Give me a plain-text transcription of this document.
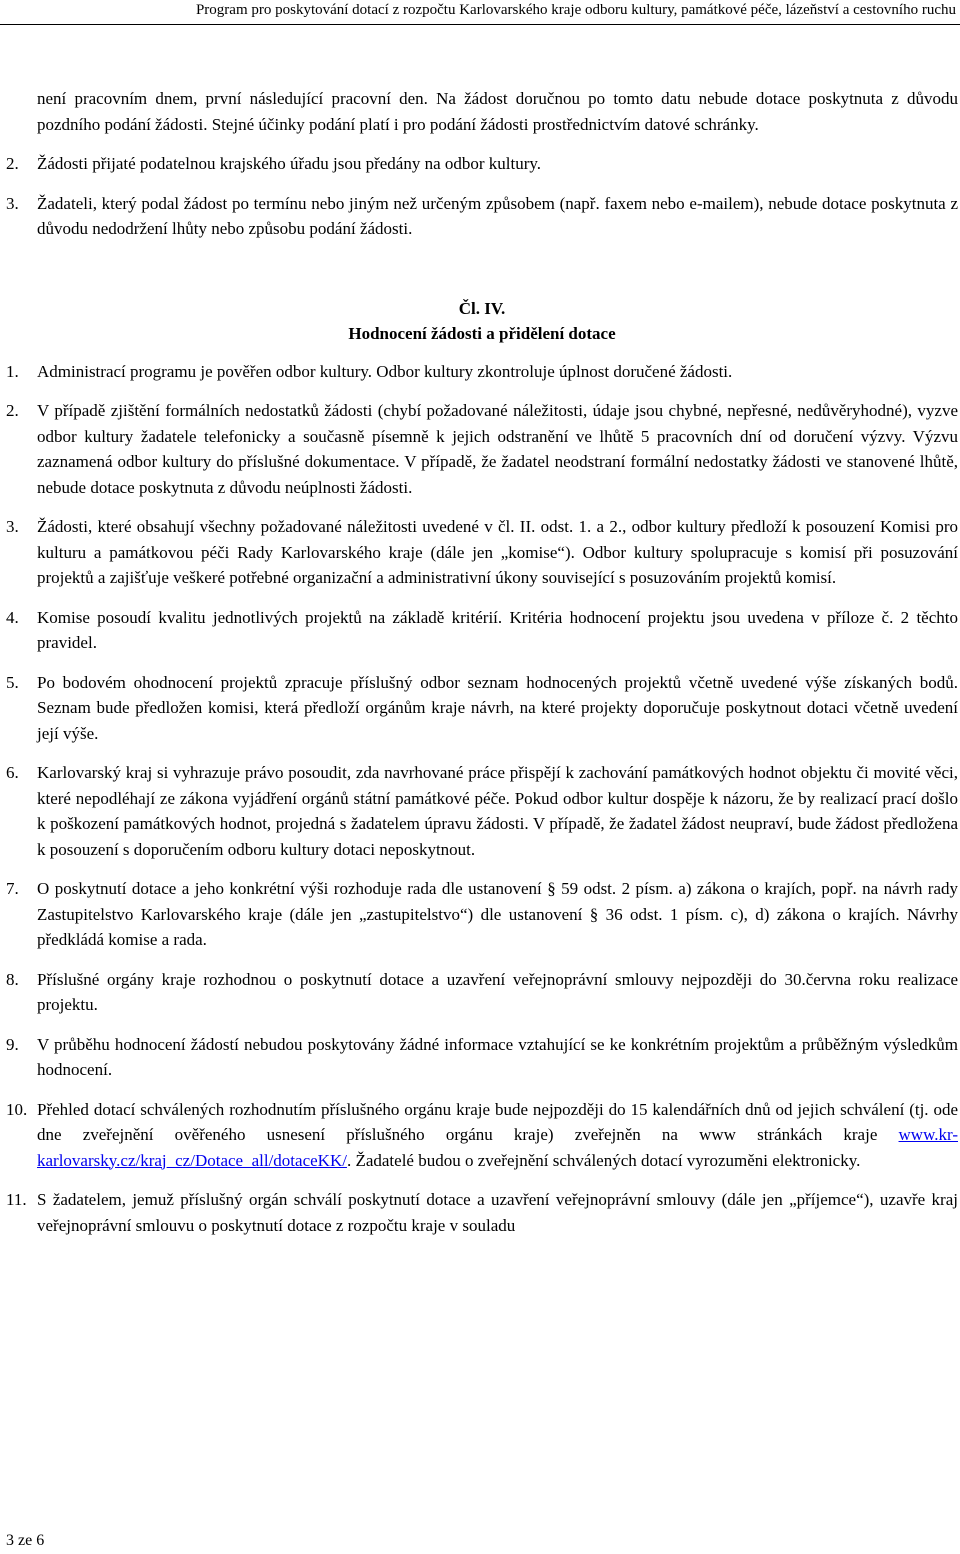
Program pro poskytování dotací z rozpočtu Karlovarského kraje odboru kultury, památkové péče, lázeňství a cestovního ruchu

není pracovním dnem, první následující pracovní den. Na žádost doručnou po tomto datu nebude dotace poskytnuta z důvodu pozdního podání žádosti. Stejné účinky podání platí i pro podání žádosti prostřednictvím datové schránky.

2.	Žádosti přijaté podatelnou krajského úřadu jsou předány na odbor kultury.
3.	Žadateli, který podal žádost po termínu nebo jiným než určeným způsobem (např. faxem nebo e-mailem), nebude dotace poskytnuta z důvodu nedodržení lhůty nebo způsobu podání žádosti.

Čl. IV.

Hodnocení žádosti a přidělení dotace

1.	Administrací programu je pověřen odbor kultury. Odbor kultury zkontroluje úplnost doručené žádosti.
2.	V případě zjištění formálních nedostatků žádosti (chybí požadované náležitosti, údaje jsou chybné, nepřesné, nedůvěryhodné), vyzve odbor kultury žadatele telefonicky a současně písemně k jejich odstranění ve lhůtě 5 pracovních dní od doručení výzvy. Výzvu zaznamená odbor kultury do příslušné dokumentace. V případě, že žadatel neodstraní formální nedostatky žádosti ve stanovené lhůtě, nebude dotace poskytnuta z důvodu neúplnosti žádosti.
3.	Žádosti, které obsahují všechny požadované náležitosti uvedené v čl. II. odst. 1. a 2., odbor kultury předloží k posouzení Komisi pro kulturu a památkovou péči Rady Karlovarského kraje (dále jen „komise“). Odbor kultury spolupracuje s komisí při posuzování projektů a zajišťuje veškeré potřebné organizační a administrativní úkony související s posuzováním projektů komisí.
4.	Komise posoudí kvalitu jednotlivých projektů na základě kritérií. Kritéria hodnocení projektu jsou uvedena v příloze č. 2 těchto pravidel.
5.	Po bodovém ohodnocení projektů zpracuje příslušný odbor seznam hodnocených projektů včetně uvedené výše získaných bodů. Seznam bude předložen komisi, která předloží orgánům kraje návrh, na které projekty doporučuje poskytnout dotaci včetně uvedení její výše.
6.	Karlovarský kraj si vyhrazuje právo posoudit, zda navrhované práce přispějí k zachování památkových hodnot objektu či movité věci, které nepodléhají ze zákona vyjádření orgánů státní památkové péče. Pokud odbor kultur dospěje k názoru, že by realizací prací došlo k poškození památkových hodnot, projedná s žadatelem úpravu žádosti. V případě, že žadatel žádost neupraví, bude žádost předložena k posouzení s doporučením odboru kultury dotaci neposkytnout.
7.	O poskytnutí dotace a jeho konkrétní výši rozhoduje rada dle ustanovení § 59 odst. 2 písm. a) zákona o krajích, popř. na návrh rady Zastupitelstvo Karlovarského kraje (dále jen „zastupitelstvo“) dle ustanovení § 36 odst. 1 písm. c), d) zákona o krajích. Návrhy předkládá komise a rada.
8.	Příslušné orgány kraje rozhodnou o poskytnutí dotace a uzavření veřejnoprávní smlouvy nejpozději do 30.června roku realizace projektu.
9.	V průběhu hodnocení žádostí nebudou poskytovány žádné informace vztahující se ke konkrétním projektům a průběžným výsledkům hodnocení.
10. Přehled dotací schválených rozhodnutím příslušného orgánu kraje bude nejpozději do 15 kalendářních dnů od jejich schválení (tj. ode dne zveřejnění ověřeného usnesení příslušného orgánu kraje) zveřejněn na www stránkách kraje www.kr-karlovarsky.cz/kraj_cz/Dotace_all/dotaceKK/. Žadatelé budou o zveřejnění schválených dotací vyrozuměni elektronicky.
11. S žadatelem, jemuž příslušný orgán schválí poskytnutí dotace a uzavření veřejnoprávní smlouvy (dále jen „příjemce“), uzavře kraj veřejnoprávní smlouvu o poskytnutí dotace z rozpočtu kraje v souladu
3 ze 6
